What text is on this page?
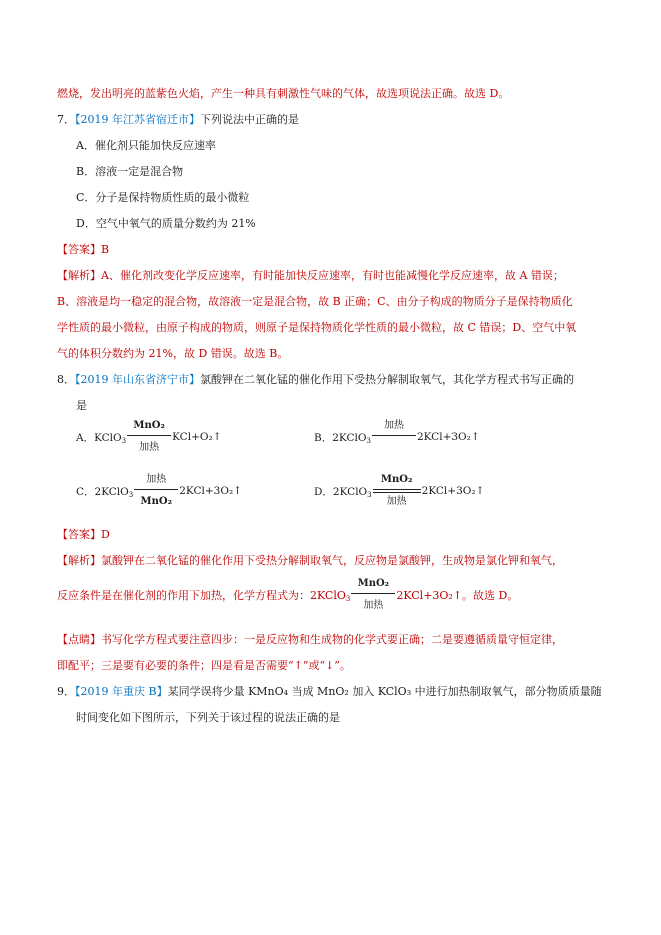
燃烧，发出明亮的蓝紫色火焰，产生一种具有刺激性气味的气体，故选项说法正确。故选 D。
7．【2019 年江苏省宿迁市】下列说法中正确的是
A．催化剂只能加快反应速率
B．溶液一定是混合物
C．分子是保持物质性质的最小微粒
D．空气中氧气的质量分数约为 21%
【答案】B
【解析】A、催化剂改变化学反应速率，有时能加快反应速率，有时也能减慢化学反应速率，故 A 错误；
B、溶液是均一稳定的混合物，故溶液一定是混合物，故 B 正确；C、由分子构成的物质分子是保持物质化
学性质的最小微粒，由原子构成的物质，则原子是保持物质化学性质的最小微粒，故 C 错误；D、空气中氧
气的体积分数约为 21%，故 D 错误。故选 B。
8．【2019 年山东省济宁市】氯酸钾在二氧化锰的催化作用下受热分解制取氧气，其化学方程式书写正确的
是
A．KClO$_3$
MnO₂
加热
KCl+O₂↑	B．2KClO$_3$
加热
2KCl+3O₂↑
C．2KClO$_3$
加热
MnO₂
2KCl+3O₂↑	D．2KClO$_3$
MnO₂
加热
2KCl+3O₂↑
【答案】D
【解析】氯酸钾在二氧化锰的催化作用下受热分解制取氧气，反应物是氯酸钾，生成物是氯化钾和氧气，
反应条件是在催化剂的作用下加热，化学方程式为：2KClO$_3$
MnO₂
加热
2KCl+3O₂↑。故选 D。
【点睛】书写化学方程式要注意四步：一是反应物和生成物的化学式要正确；二是要遵循质量守恒定律，
即配平；三是要有必要的条件；四是看是否需要“↑”或“↓”。
9．【2019 年重庆 B】某同学误将少量 KMnO₄ 当成 MnO₂ 加入 KClO₃ 中进行加热制取氧气，部分物质质量随
时间变化如下图所示，下列关于该过程的说法正确的是
